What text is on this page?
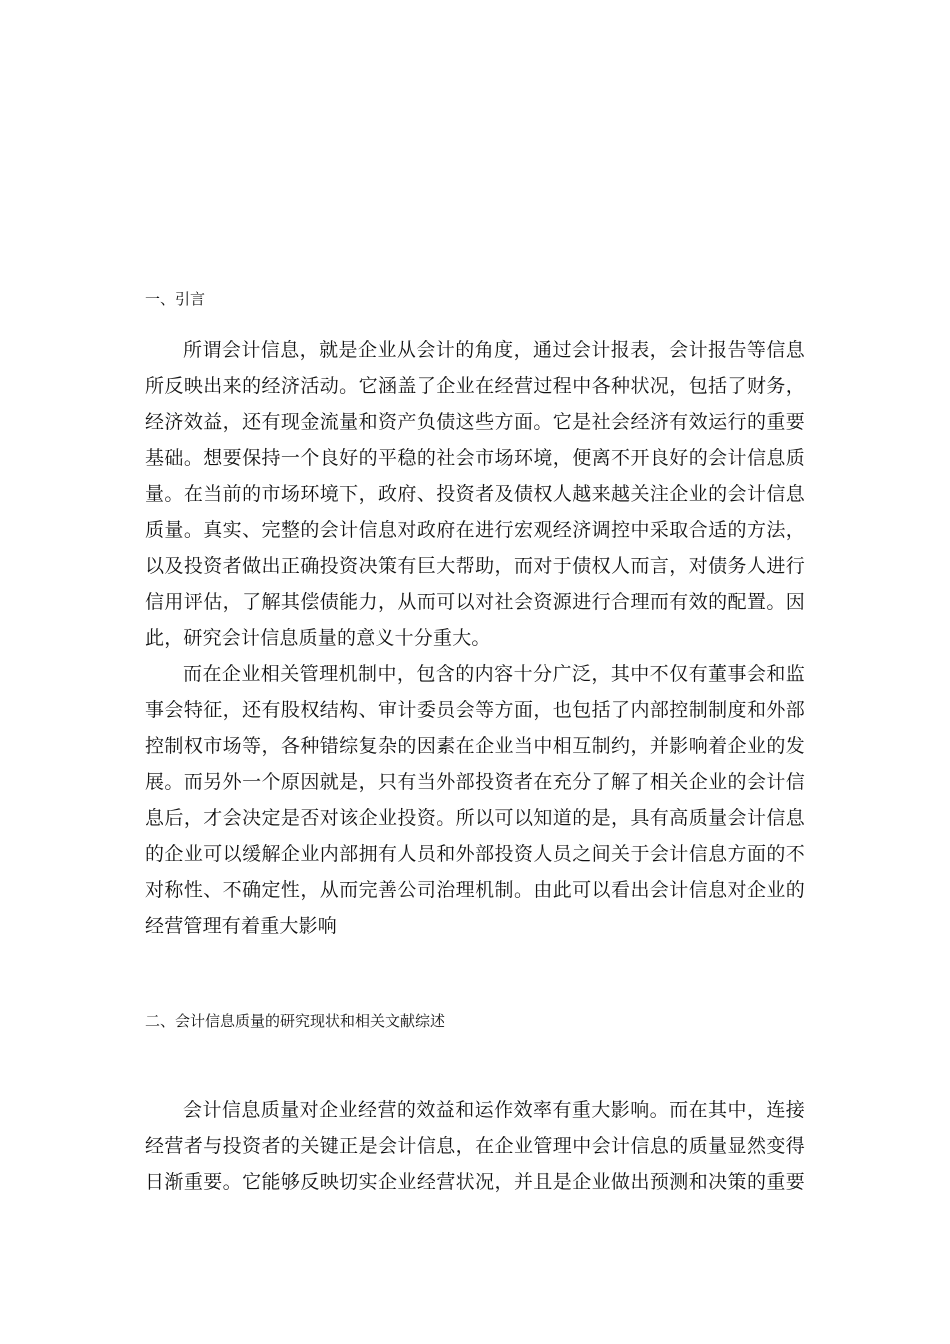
一、引言
所谓会计信息，就是企业从会计的角度，通过会计报表，会计报告等信息
所反映出来的经济活动。它涵盖了企业在经营过程中各种状况，包括了财务，
经济效益，还有现金流量和资产负债这些方面。它是社会经济有效运行的重要
基础。想要保持一个良好的平稳的社会市场环境，便离不开良好的会计信息质
量。在当前的市场环境下，政府、投资者及债权人越来越关注企业的会计信息
质量。真实、完整的会计信息对政府在进行宏观经济调控中采取合适的方法，
以及投资者做出正确投资决策有巨大帮助，而对于债权人而言，对债务人进行
信用评估，了解其偿债能力，从而可以对社会资源进行合理而有效的配置。因
此，研究会计信息质量的意义十分重大。
而在企业相关管理机制中，包含的内容十分广泛，其中不仅有董事会和监
事会特征，还有股权结构、审计委员会等方面，也包括了内部控制制度和外部
控制权市场等，各种错综复杂的因素在企业当中相互制约，并影响着企业的发
展。而另外一个原因就是，只有当外部投资者在充分了解了相关企业的会计信
息后，才会决定是否对该企业投资。所以可以知道的是，具有高质量会计信息
的企业可以缓解企业内部拥有人员和外部投资人员之间关于会计信息方面的不
对称性、不确定性，从而完善公司治理机制。由此可以看出会计信息对企业的
经营管理有着重大影响
二、会计信息质量的研究现状和相关文献综述
会计信息质量对企业经营的效益和运作效率有重大影响。而在其中，连接
经营者与投资者的关键正是会计信息，在企业管理中会计信息的质量显然变得
日渐重要。它能够反映切实企业经营状况，并且是企业做出预测和决策的重要
